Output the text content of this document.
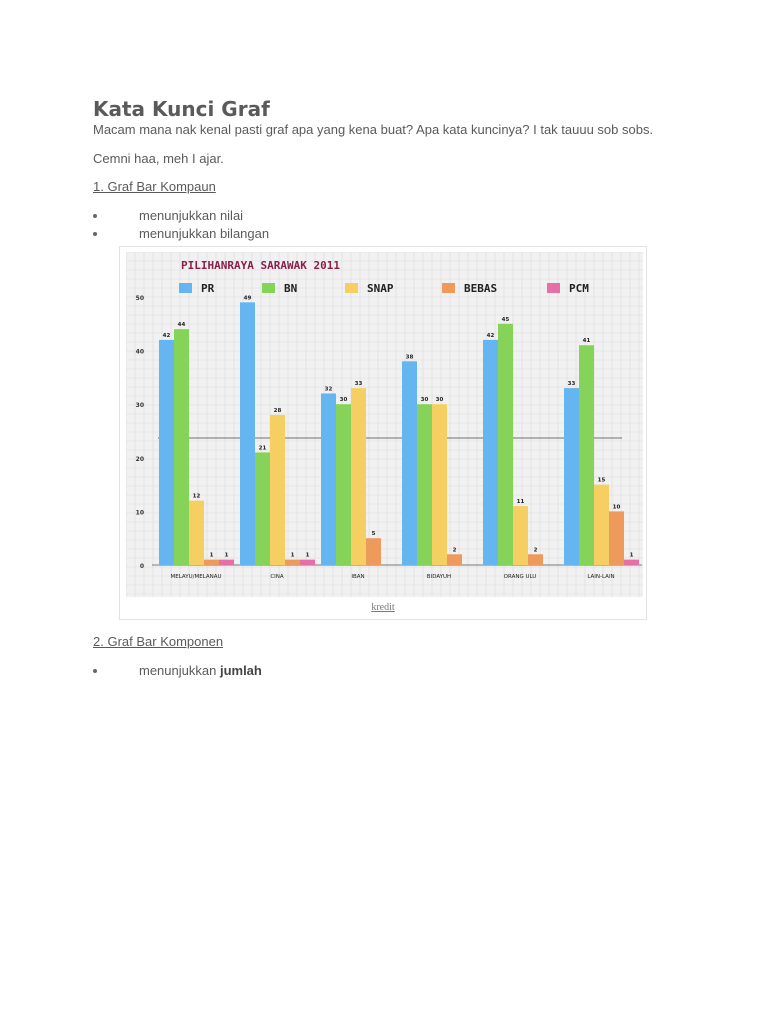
Kata Kunci Graf

Macam mana nak kenal pasti graf apa yang kena buat? Apa kata kuncinya? I tak tauuu sob sobs.

Cemni haa, meh I ajar.

1. Graf Bar Kompaun
menunjukkan nilai
menunjukkan bilangan
PILIHANRAYA SARAWAK 2011
PR	BN	SNAP	BEBAS	PCM
0
10
20
30
40
50
42
44
12
1 1
MELAYU/MELANAU
49
21
28
1 1
CINA
32
30
33
5
IBAN
38
30 30
2
BIDAYUH
42
45
11
2
ORANG ULU
33
41
15
10
1
LAIN-LAIN
kredit
2. Graf Bar Komponen
menunjukkan jumlah
